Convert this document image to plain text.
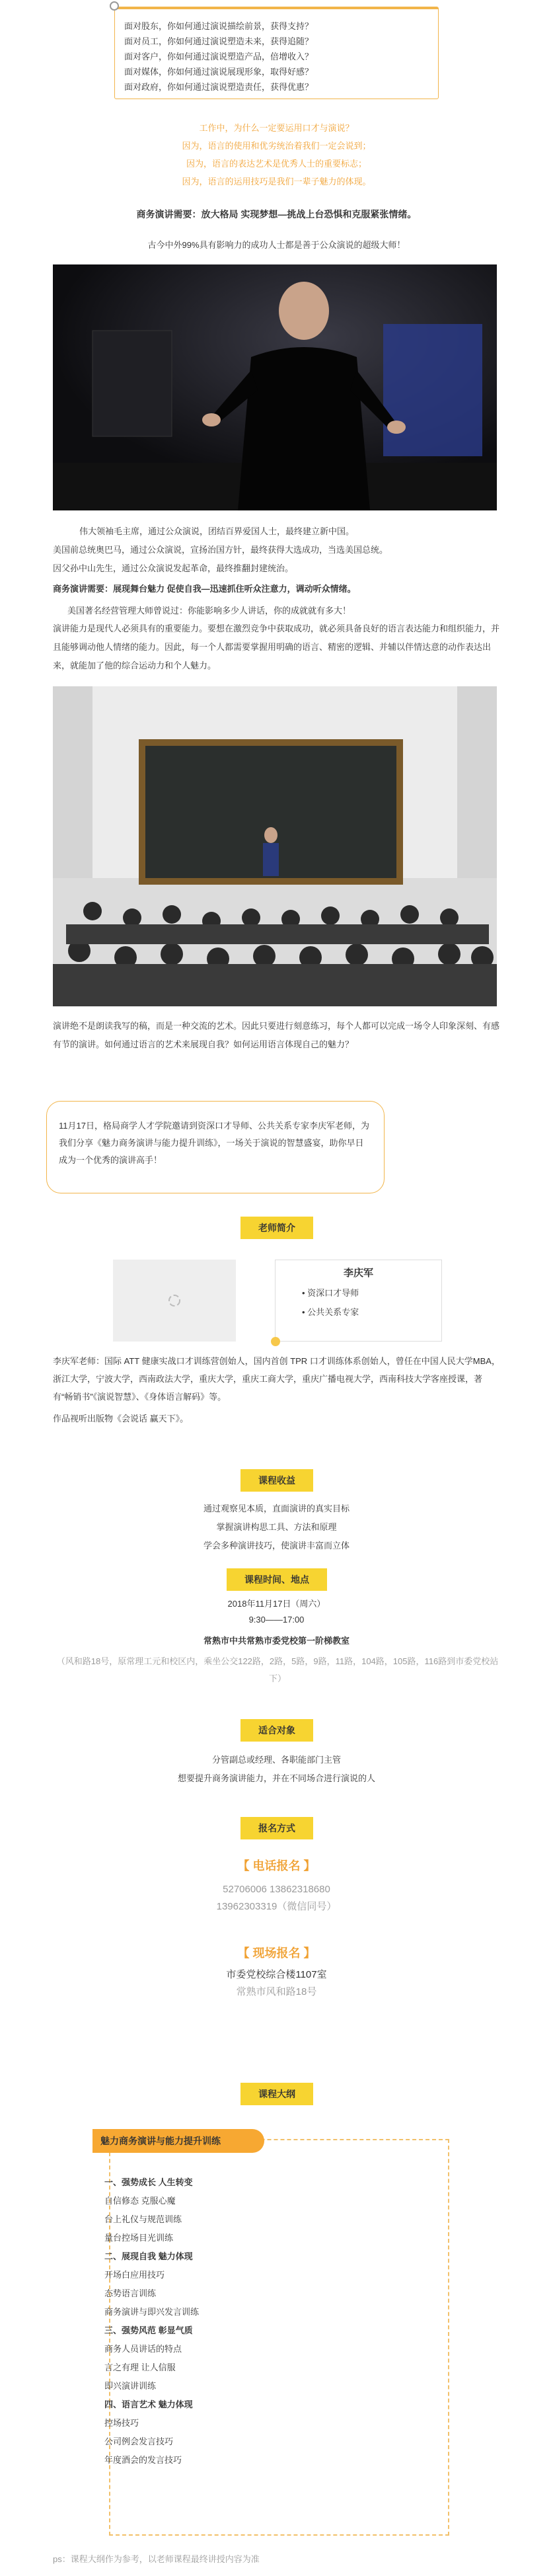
面对股东，你如何通过演说描绘前景，获得支持？
面对员工，你如何通过演说塑造未来，获得追随？
面对客户，你如何通过演说塑造产品，倍增收入？
面对媒体，你如何通过演说展现形象，取得好感？
面对政府，你如何通过演说塑造责任，获得优惠？
工作中，为什么一定要运用口才与演说？
因为，语言的使用和优劣统治着我们一定会说到；
因为，语言的表达艺术是优秀人士的重要标志；
因为，语言的运用技巧是我们一辈子魅力的体现。
商务演讲需要：放大格局 实现梦想—挑战上台恐惧和克服紧张情绪。
古今中外99%具有影响力的成功人士都是善于公众演说的超级大师！
伟大领袖毛主席，通过公众演说，团结百界爱国人士，最终建立新中国。
美国前总统奥巴马，通过公众演说，宣扬治国方针，最终获得大选成功，当选美国总统。
因父孙中山先生，通过公众演说发起革命，最终推翻封建统治。
商务演讲需要：展现舞台魅力 促使自我—迅速抓住听众注意力，调动听众情绪。
美国著名经营管理大师曾说过：你能影响多少人讲话，你的成就就有多大！
演讲能力是现代人必须具有的重要能力。要想在激烈竞争中获取成功，就必须具备良好的语言表达能力和组织能力，并且能够调动他人情绪的能力。因此，每一个人都需要掌握用明确的语言、精密的逻辑、并辅以伴情达意的动作表达出来，就能加了他的综合运动力和个人魅力。
演讲绝不是朗读我写的稿，而是一种交流的艺术。因此只要进行刻意练习，每个人都可以完成一场令人印象深刻、有感有节的演讲。如何通过语言的艺术来展现自我？如何运用语言体现自己的魅力？
11月17日，格局商学人才学院邀请到资深口才导师、公共关系专家李庆军老师，为我们分享《魅力商务演讲与能力提升训练》，一场关于演说的智慧盛宴，助你早日成为一个优秀的演讲高手！
老师简介
李庆军
• 资深口才导师
• 公共关系专家
李庆军老师：国际 ATT 健康实战口才训练营创始人，国内首创 TPR 口才训练体系创始人，曾任在中国人民大学MBA，浙江大学，宁波大学，西南政法大学，重庆大学，重庆工商大学，重庆广播电视大学，西南科技大学客座授课，著有“畅销书”《演说智慧》、《身体语言解码》等。
作品视听出版物《会说话 赢天下》。
课程收益
通过观察见本质，直面演讲的真实目标
掌握演讲构思工具、方法和原理
学会多种演讲技巧，使演讲丰富而立体
课程时间、地点
2018年11月17日（周六）
9:30——17:00
常熟市中共常熟市委党校第一阶梯教室
（风和路18号，原常理工元和校区内，乘坐公交122路，2路，5路，9路，11路，104路，105路，116路到市委党校站下）
适合对象
分管副总或经理、各职能部门主管
想要提升商务演讲能力，并在不同场合进行演说的人
报名方式
【 电话报名 】
52706006 13862318680
13962303319（微信同号）
【 现场报名 】
市委党校综合楼1107室
常熟市风和路18号
课程大纲
魅力商务演讲与能力提升训练
一、强势成长 人生转变
自信修态 克服心魔
台上礼仪与规范训练
量台控场目光训练
二、展现自我 魅力体现
开场白应用技巧
态势语言训练
商务演讲与即兴发言训练
三、强势风范 彰显气质
商务人员讲话的特点
言之有理 让人信服
即兴演讲训练
四、语言艺术 魅力体现
控场技巧
公司例会发言技巧
年度酒会的发言技巧
ps：课程大纲作为参考，以老师课程最终讲授内容为准
